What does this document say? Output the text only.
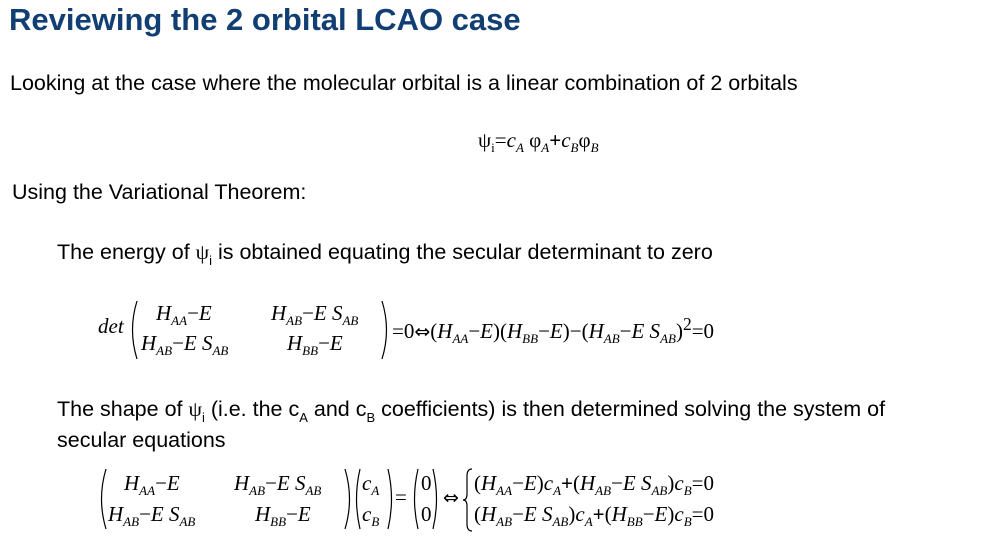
Reviewing the 2 orbital LCAO case
Looking at the case where the molecular orbital is a linear combination of 2 orbitals
$\psi_i=c_A$ $\varphi_A+c_B\varphi_B$
Using the Variational Theorem:
The energy of $\psi_i$ is obtained equating the secular determinant to zero
det
$H_{AA}-E$	$H_{AB}-E$ $S_{AB}$
$H_{AB}-E$ $S_{AB}$	$H_{BB}-E$ $=0\Leftrightarrow(H_{AA}-E)(H_{BB}-E)-(H_{AB}-E$ $S_{AB})^2=0$
The shape of $\psi_i$ (i.e. the $c_A$ and $c_B$ coefficients) is then determined solving the system of
secular equations
$H_{AA}-E$	$H_{AB}-E$ $S_{AB}$
$H_{AB}-E$ $S_{AB}$	$H_{BB}-E$
$c_A$
$c_B$
=
0
0
⇔
$(H_{AA}-E)c_A+(H_{AB}-E$ $S_{AB})c_B=0$
($H_{AB}-E$ $S_{AB})c_A+(H_{BB}-E)c_B=0$
